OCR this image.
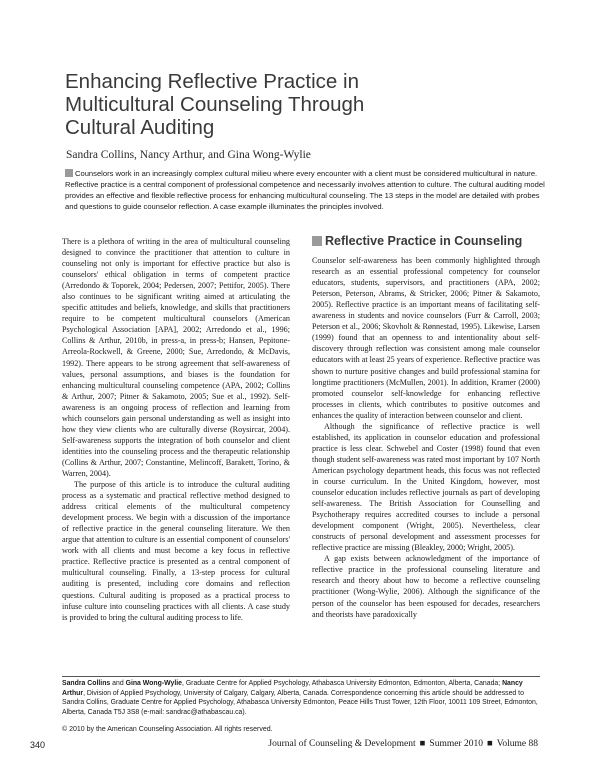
Enhancing Reflective Practice in
Multicultural Counseling Through
Cultural Auditing
Sandra Collins, Nancy Arthur, and Gina Wong-Wylie

Counselors work in an increasingly complex cultural milieu where every encounter with a client must be considered multicultural in nature. Reflective practice is a central component of professional competence and necessarily involves attention to culture. The cultural auditing model provides an effective and flexible reflective process for enhancing multicultural counseling. The 13 steps in the model are detailed with probes and questions to guide counselor reflection. A case example illuminates the principles involved.

There is a plethora of writing in the area of multicultural counseling designed to convince the practitioner that attention to culture in counseling not only is important for effective practice but also is counselors' ethical obligation in terms of competent practice (Arredondo & Toporek, 2004; Pedersen, 2007; Pettifor, 2005). There also continues to be significant writing aimed at articulating the specific attitudes and beliefs, knowledge, and skills that practitioners require to be competent multicultural counselors (American Psychological Association [APA], 2002; Arredondo et al., 1996; Collins & Arthur, 2010b, in press-a, in press-b; Hansen, Pepitone-Arreola-Rockwell, & Greene, 2000; Sue, Arredondo, & McDavis, 1992). There appears to be strong agreement that self-awareness of values, personal assumptions, and biases is the foundation for enhancing multicultural counseling competence (APA, 2002; Collins & Arthur, 2007; Pitner & Sakamoto, 2005; Sue et al., 1992). Self-awareness is an ongoing process of reflection and learning from which counselors gain personal understanding as well as insight into how they view clients who are culturally diverse (Roysircar, 2004). Self-awareness supports the integration of both counselor and client identities into the counseling process and the therapeutic relationship (Collins & Arthur, 2007; Constantine, Melincoff, Barakett, Torino, & Warren, 2004).

The purpose of this article is to introduce the cultural auditing process as a systematic and practical reflective method designed to address critical elements of the multicultural competency development process. We begin with a discussion of the importance of reflective practice in the general counseling literature. We then argue that attention to culture is an essential component of counselors' work with all clients and must become a key focus in reflective practice. Reflective practice is presented as a central component of multicultural counseling. Finally, a 13-step process for cultural auditing is presented, including core domains and reflection questions. Cultural auditing is proposed as a practical process to infuse culture into counseling practices with all clients. A case study is provided to bring the cultural auditing process to life.

Reflective Practice in Counseling

Counselor self-awareness has been commonly highlighted through research as an essential professional competency for counselor educators, students, supervisors, and practitioners (APA, 2002; Peterson, Peterson, Abrams, & Stricker, 2006; Pitner & Sakamoto, 2005). Reflective practice is an important means of facilitating self-awareness in students and novice counselors (Furr & Carroll, 2003; Peterson et al., 2006; Skovholt & Rønnestad, 1995). Likewise, Larsen (1999) found that an openness to and intentionality about self-discovery through reflection was consistent among male counselor educators with at least 25 years of experience. Reflective practice was shown to nurture positive changes and build professional stamina for longtime practitioners (McMullen, 2001). In addition, Kramer (2000) promoted counselor self-knowledge for enhancing reflective processes in clients, which contributes to positive outcomes and enhances the quality of interaction between counselor and client.

Although the significance of reflective practice is well established, its application in counselor education and professional practice is less clear. Schwebel and Coster (1998) found that even though student self-awareness was rated most important by 107 North American psychology department heads, this focus was not reflected in course curriculum. In the United Kingdom, however, most counselor education includes reflective journals as part of developing self-awareness. The British Association for Counselling and Psychotherapy requires accredited courses to include a personal development component (Wright, 2005). Nevertheless, clear constructs of personal development and assessment processes for reflective practice are missing (Bleakley, 2000; Wright, 2005).

A gap exists between acknowledgment of the importance of reflective practice in the professional counseling literature and research and theory about how to become a reflective counseling practitioner (Wong-Wylie, 2006). Although the significance of the person of the counselor has been espoused for decades, researchers and theorists have paradoxically

Sandra Collins and Gina Wong-Wylie, Graduate Centre for Applied Psychology, Athabasca University Edmonton, Edmonton, Alberta, Canada; Nancy Arthur, Division of Applied Psychology, University of Calgary, Calgary, Alberta, Canada. Correspondence concerning this article should be addressed to Sandra Collins, Graduate Centre for Applied Psychology, Athabasca University Edmonton, Peace Hills Trust Tower, 12th Floor, 10011 109 Street, Edmonton, Alberta, Canada T5J 3S8 (e-mail: sandrac@athabascau.ca).

© 2010 by the American Counseling Association. All rights reserved.
340	Journal of Counseling & Development ■ Summer 2010 ■ Volume 88
